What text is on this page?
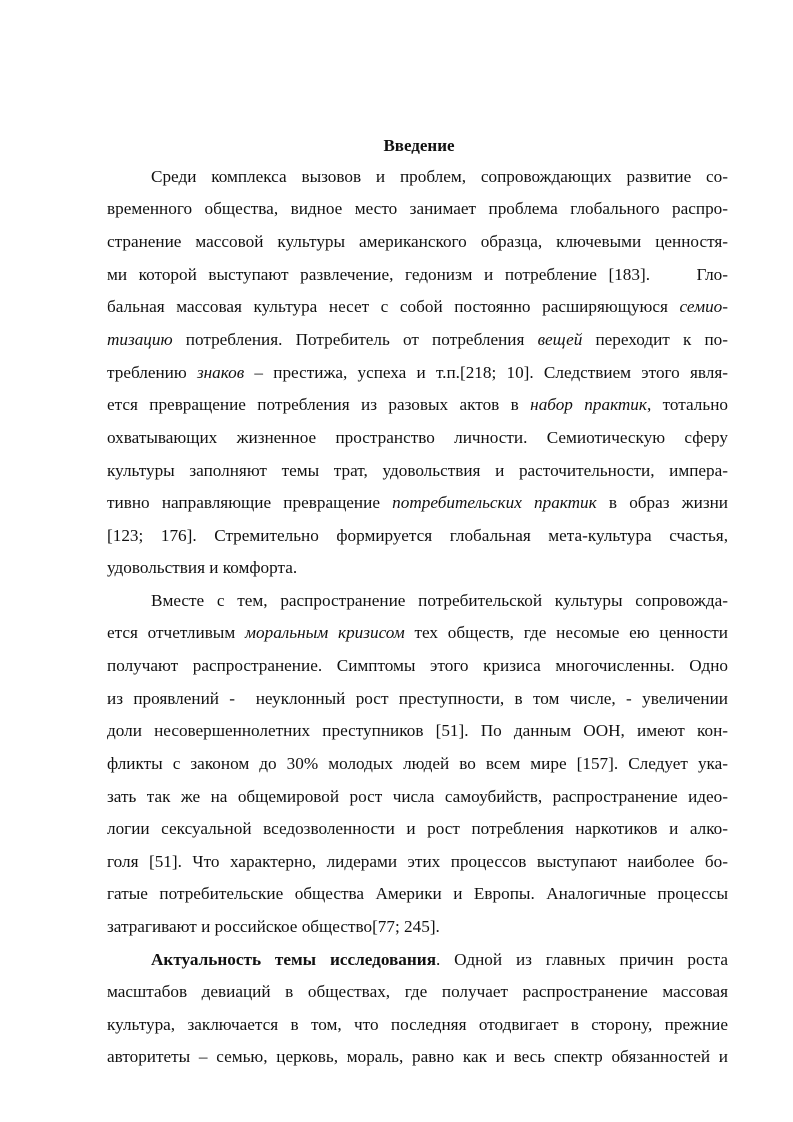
Введение
Среди комплекса вызовов и проблем, сопровождающих развитие со-
временного общества, видное место занимает проблема глобального распро-
странение массовой культуры американского образца, ключевыми ценностя-
ми которой выступают развлечение, гедонизм и потребление [183].    Гло-
бальная массовая культура несет с собой постоянно расширяющуюся семио-
тизацию потребления. Потребитель от потребления вещей переходит к по-
треблению знаков – престижа, успеха и т.п.[218; 10]. Следствием этого явля-
ется превращение потребления из разовых актов в набор практик, тотально
охватывающих жизненное пространство личности. Семиотическую сферу
культуры заполняют темы трат, удовольствия и расточительности, импера-
тивно направляющие превращение потребительских практик в образ жизни
[123; 176]. Стремительно формируется глобальная мета-культура счастья,
удовольствия и комфорта.
Вместе с тем, распространение потребительской культуры сопровожда-
ется отчетливым моральным кризисом тех обществ, где несомые ею ценности
получают распространение. Симптомы этого кризиса многочисленны. Одно
из проявлений -  неуклонный рост преступности, в том числе, - увеличении
доли несовершеннолетних преступников [51]. По данным ООН, имеют кон-
фликты с законом до 30% молодых людей во всем мире [157]. Следует ука-
зать так же на общемировой рост числа самоубийств, распространение идео-
логии сексуальной вседозволенности и рост потребления наркотиков и алко-
голя [51]. Что характерно, лидерами этих процессов выступают наиболее бо-
гатые потребительские общества Америки и Европы. Аналогичные процессы
затрагивают и российское общество[77; 245].
Актуальность темы исследования. Одной из главных причин роста
масштабов девиаций в обществах, где получает распространение массовая
культура, заключается в том, что последняя отодвигает в сторону, прежние
авторитеты – семью, церковь, мораль, равно как и весь спектр обязанностей и
